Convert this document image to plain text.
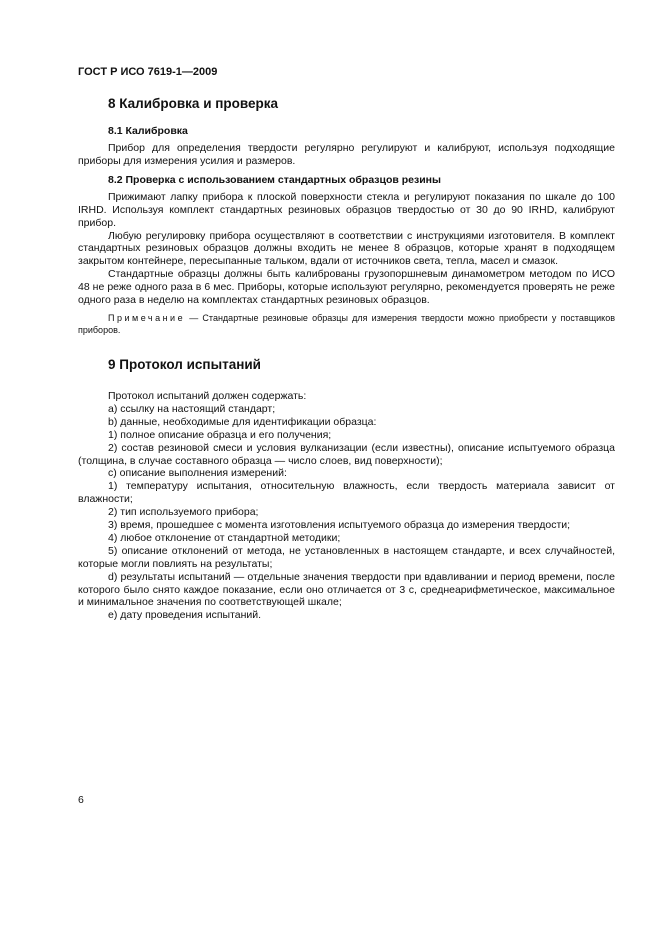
ГОСТ Р ИСО 7619-1—2009
8 Калибровка и проверка
8.1 Калибровка

Прибор для определения твердости регулярно регулируют и калибруют, используя подходящие приборы для измерения усилия и размеров.

8.2 Проверка с использованием стандартных образцов резины

Прижимают лапку прибора к плоской поверхности стекла и регулируют показания по шкале до 100 IRHD. Используя комплект стандартных резиновых образцов твердостью от 30 до 90 IRHD, калибруют прибор.

Любую регулировку прибора осуществляют в соответствии с инструкциями изготовителя. В комплект стандартных резиновых образцов должны входить не менее 8 образцов, которые хранят в подходящем закрытом контейнере, пересыпанные тальком, вдали от источников света, тепла, масел и смазок.

Стандартные образцы должны быть калиброваны грузопоршневым динамометром методом по ИСО 48 не реже одного раза в 6 мес. Приборы, которые используют регулярно, рекомендуется проверять не реже одного раза в неделю на комплектах стандартных резиновых образцов.

Примечание — Стандартные резиновые образцы для измерения твердости можно приобрести у поставщиков приборов.
9 Протокол испытаний

Протокол испытаний должен содержать:

a) ссылку на настоящий стандарт;

b) данные, необходимые для идентификации образца:

1) полное описание образца и его получения;

2) состав резиновой смеси и условия вулканизации (если известны), описание испытуемого образца (толщина, в случае составного образца — число слоев, вид поверхности);

c) описание выполнения измерений:

1) температуру испытания, относительную влажность, если твердость материала зависит от влажности;

2) тип используемого прибора;

3) время, прошедшее с момента изготовления испытуемого образца до измерения твердости;

4) любое отклонение от стандартной методики;

5) описание отклонений от метода, не установленных в настоящем стандарте, и всех случайностей, которые могли повлиять на результаты;

d) результаты испытаний — отдельные значения твердости при вдавливании и период времени, после которого было снято каждое показание, если оно отличается от 3 с, среднеарифметическое, максимальное и минимальное значения по соответствующей шкале;

e) дату проведения испытаний.

6
